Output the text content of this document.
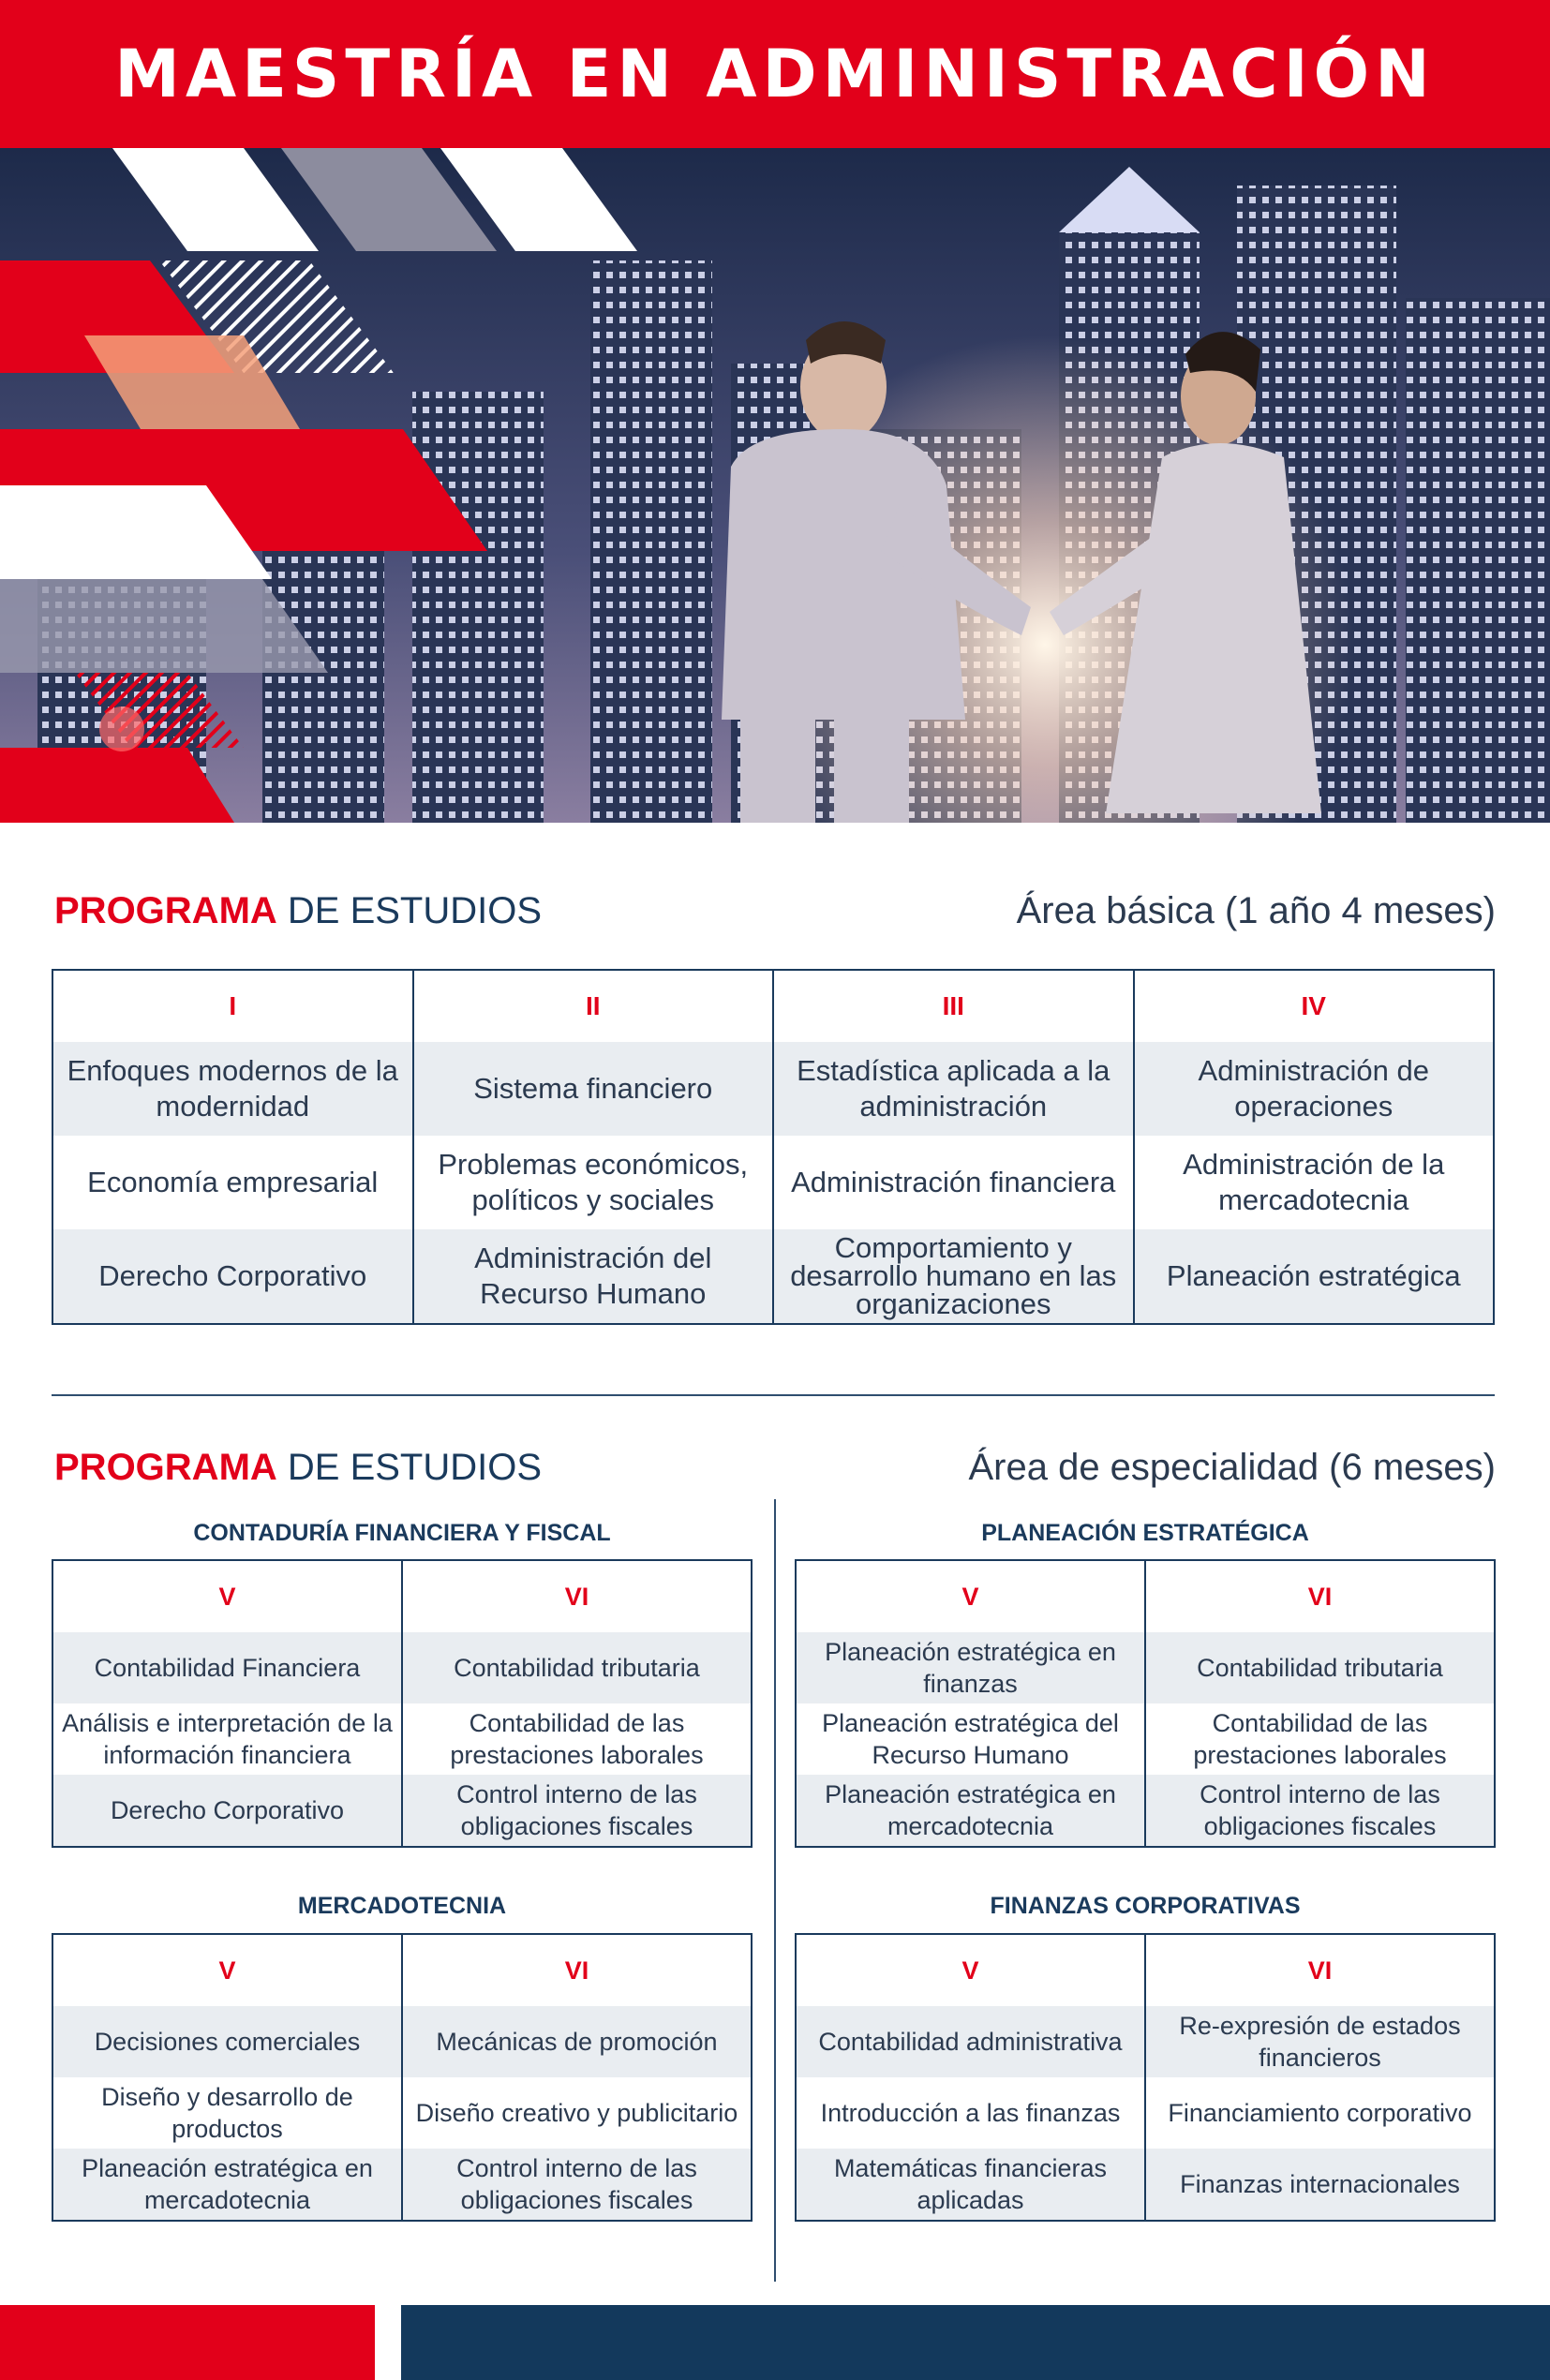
MAESTRÍA EN ADMINISTRACIÓN
PROGRAMA DE ESTUDIOS	Área básica (1 año 4 meses)
I	II	III	IV
Enfoques modernos de la modernidad	Sistema financiero	Estadística aplicada a la administración	Administración de operaciones
Economía empresarial	Problemas económicos, políticos y sociales	Administración financiera	Administración de la mercadotecnia
Derecho Corporativo	Administración del Recurso Humano	Comportamiento y desarrollo humano en las organizaciones	Planeación estratégica
PROGRAMA DE ESTUDIOS	Área de especialidad (6 meses)
CONTADURÍA FINANCIERA Y FISCAL
V	VI
Contabilidad Financiera	Contabilidad tributaria
Análisis e interpretación de la información financiera	Contabilidad de las prestaciones laborales
Derecho Corporativo	Control interno de las obligaciones fiscales
PLANEACIÓN ESTRATÉGICA
V	VI
Planeación estratégica en finanzas	Contabilidad tributaria
Planeación estratégica del Recurso Humano	Contabilidad de las prestaciones laborales
Planeación estratégica en mercadotecnia	Control interno de las obligaciones fiscales
MERCADOTECNIA
V	VI
Decisiones comerciales	Mecánicas de promoción
Diseño y desarrollo de productos	Diseño creativo y publicitario
Planeación estratégica en mercadotecnia	Control interno de las obligaciones fiscales
FINANZAS CORPORATIVAS
V	VI
Contabilidad administrativa	Re-expresión de estados financieros
Introducción a las finanzas	Financiamiento corporativo
Matemáticas financieras aplicadas	Finanzas internacionales
